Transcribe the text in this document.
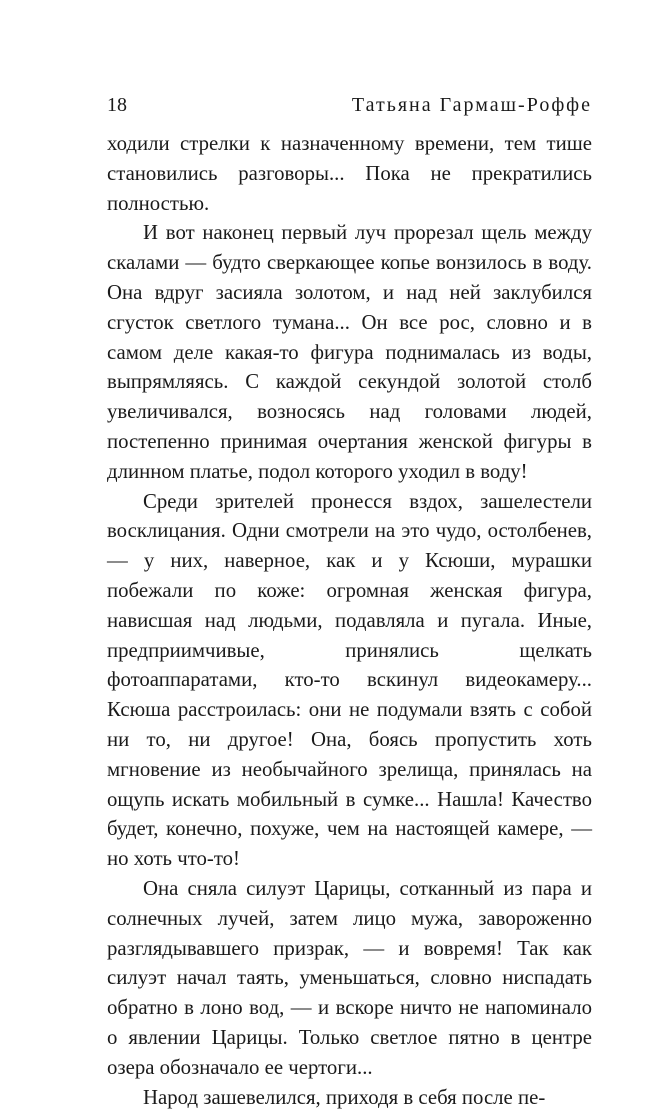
18	Татьяна Гармаш-Роффе

ходили стрелки к назначенному времени, тем тише становились разговоры... Пока не прекратились полностью.

И вот наконец первый луч прорезал щель между скалами — будто сверкающее копье вонзилось в воду. Она вдруг засияла золотом, и над ней заклубился сгусток светлого тумана... Он все рос, словно и в самом деле какая-то фигура поднималась из воды, выпрямляясь. С каждой секундой золотой столб увеличивался, возносясь над головами людей, постепенно принимая очертания женской фигуры в длинном платье, подол которого уходил в воду!

Среди зрителей пронесся вздох, зашелестели восклицания. Одни смотрели на это чудо, остолбенев, — у них, наверное, как и у Ксюши, мурашки побежали по коже: огромная женская фигура, нависшая над людьми, подавляла и пугала. Иные, предприимчивые, принялись щелкать фотоаппаратами, кто-то вскинул видеокамеру... Ксюша расстроилась: они не подумали взять с собой ни то, ни другое! Она, боясь пропустить хоть мгновение из необычайного зрелища, принялась на ощупь искать мобильный в сумке... Нашла! Качество будет, конечно, похуже, чем на настоящей камере, — но хоть что-то!

Она сняла силуэт Царицы, сотканный из пара и солнечных лучей, затем лицо мужа, завороженно разглядывавшего призрак, — и вовремя! Так как силуэт начал таять, уменьшаться, словно ниспадать обратно в лоно вод, — и вскоре ничто не напоминало о явлении Царицы. Только светлое пятно в центре озера обозначало ее чертоги...

Народ зашевелился, приходя в себя после пе-
